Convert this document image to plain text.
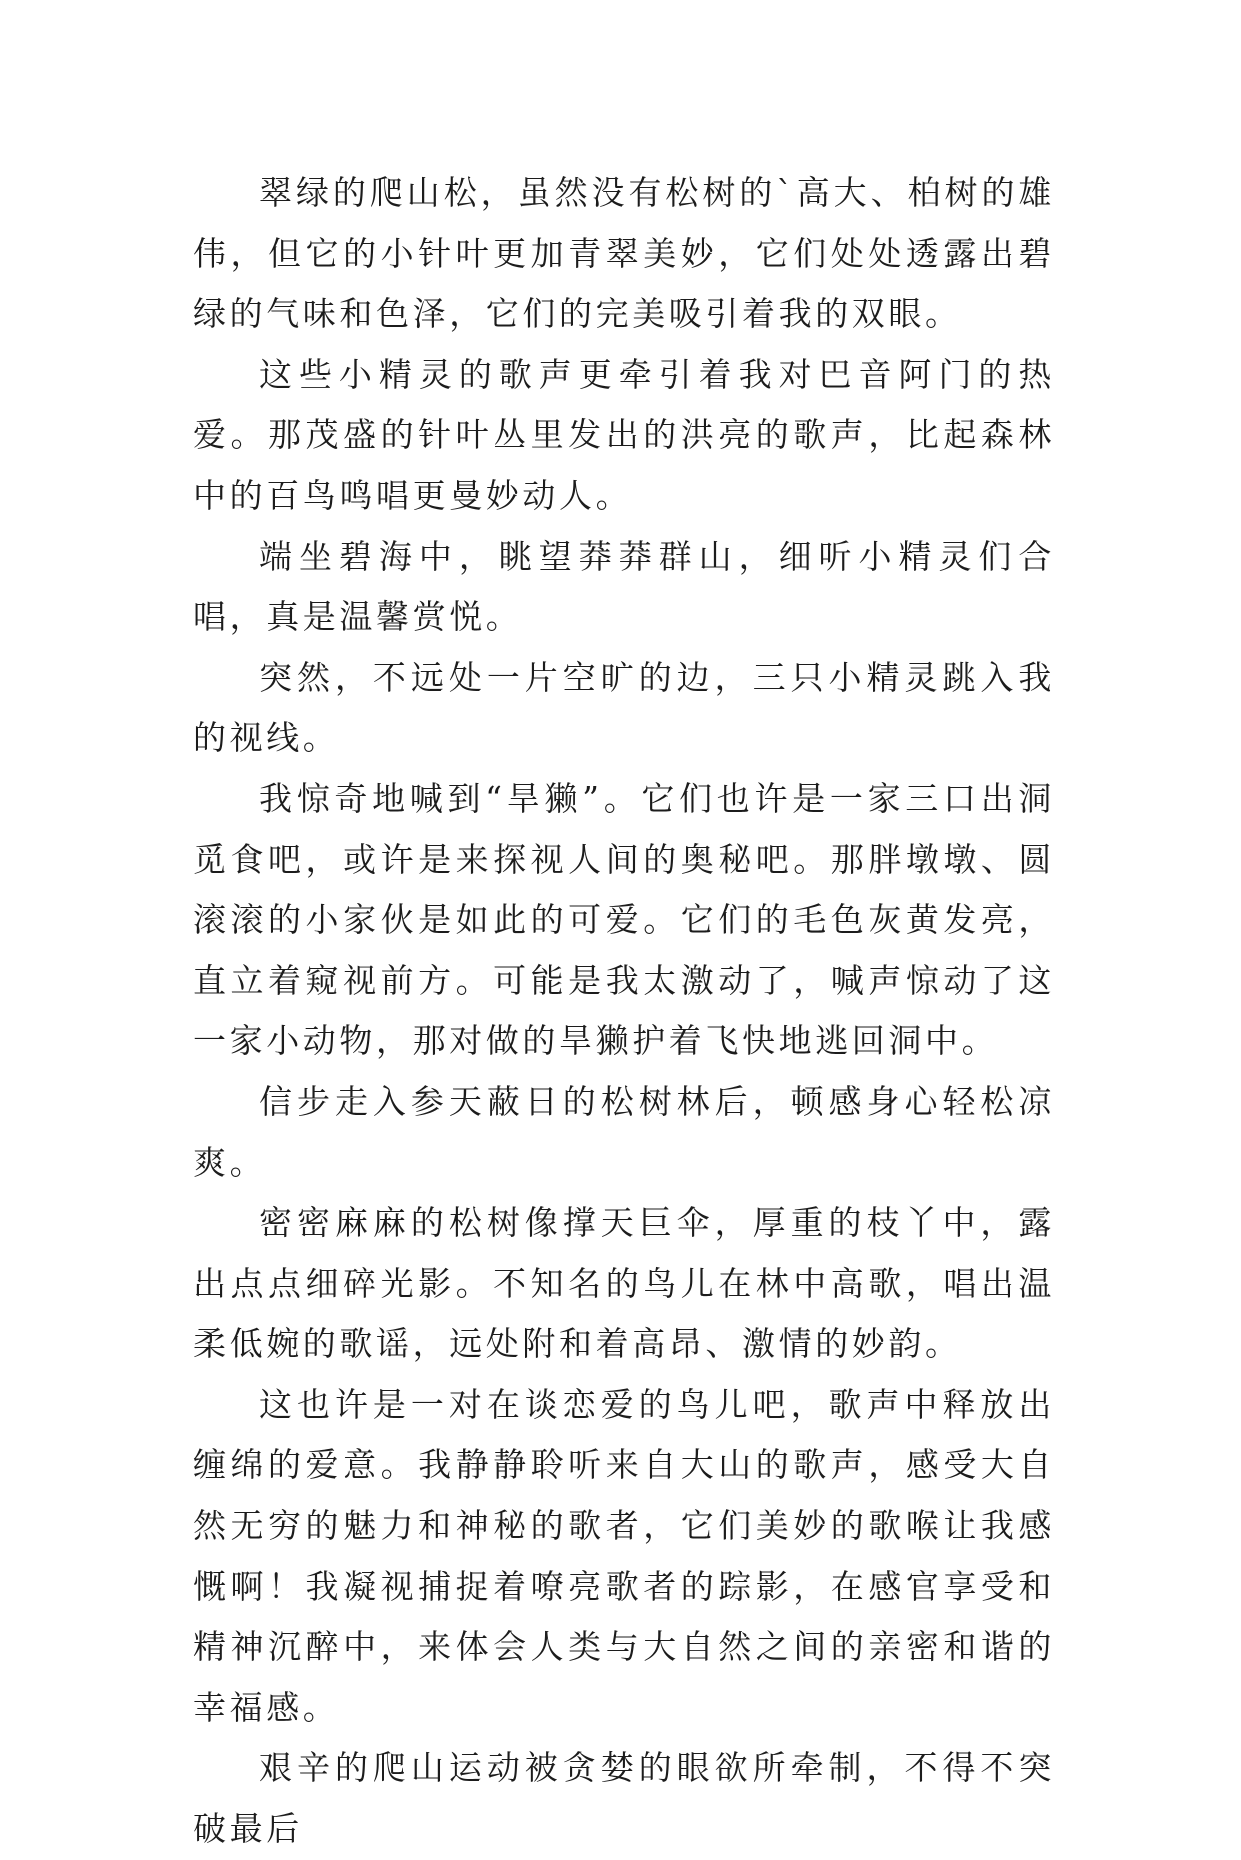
翠绿的爬山松，虽然没有松树的`高大、柏树的雄伟，但它的小针叶更加青翠美妙，它们处处透露出碧绿的气味和色泽，它们的完美吸引着我的双眼。

这些小精灵的歌声更牵引着我对巴音阿门的热爱。那茂盛的针叶丛里发出的洪亮的歌声，比起森林中的百鸟鸣唱更曼妙动人。

端坐碧海中，眺望莽莽群山，细听小精灵们合唱，真是温馨赏悦。

突然，不远处一片空旷的边，三只小精灵跳入我的视线。

我惊奇地喊到“旱獭”。它们也许是一家三口出洞觅食吧，或许是来探视人间的奥秘吧。那胖墩墩、圆滚滚的小家伙是如此的可爱。它们的毛色灰黄发亮，直立着窥视前方。可能是我太激动了，喊声惊动了这一家小动物，那对做的旱獭护着飞快地逃回洞中。

信步走入参天蔽日的松树林后，顿感身心轻松凉爽。

密密麻麻的松树像撑天巨伞，厚重的枝丫中，露出点点细碎光影。不知名的鸟儿在林中高歌，唱出温柔低婉的歌谣，远处附和着高昂、激情的妙韵。

这也许是一对在谈恋爱的鸟儿吧，歌声中释放出缠绵的爱意。我静静聆听来自大山的歌声，感受大自然无穷的魅力和神秘的歌者，它们美妙的歌喉让我感慨啊！我凝视捕捉着嘹亮歌者的踪影，在感官享受和精神沉醉中，来体会人类与大自然之间的亲密和谐的幸福感。

艰辛的爬山运动被贪婪的眼欲所牵制，不得不突破最后
